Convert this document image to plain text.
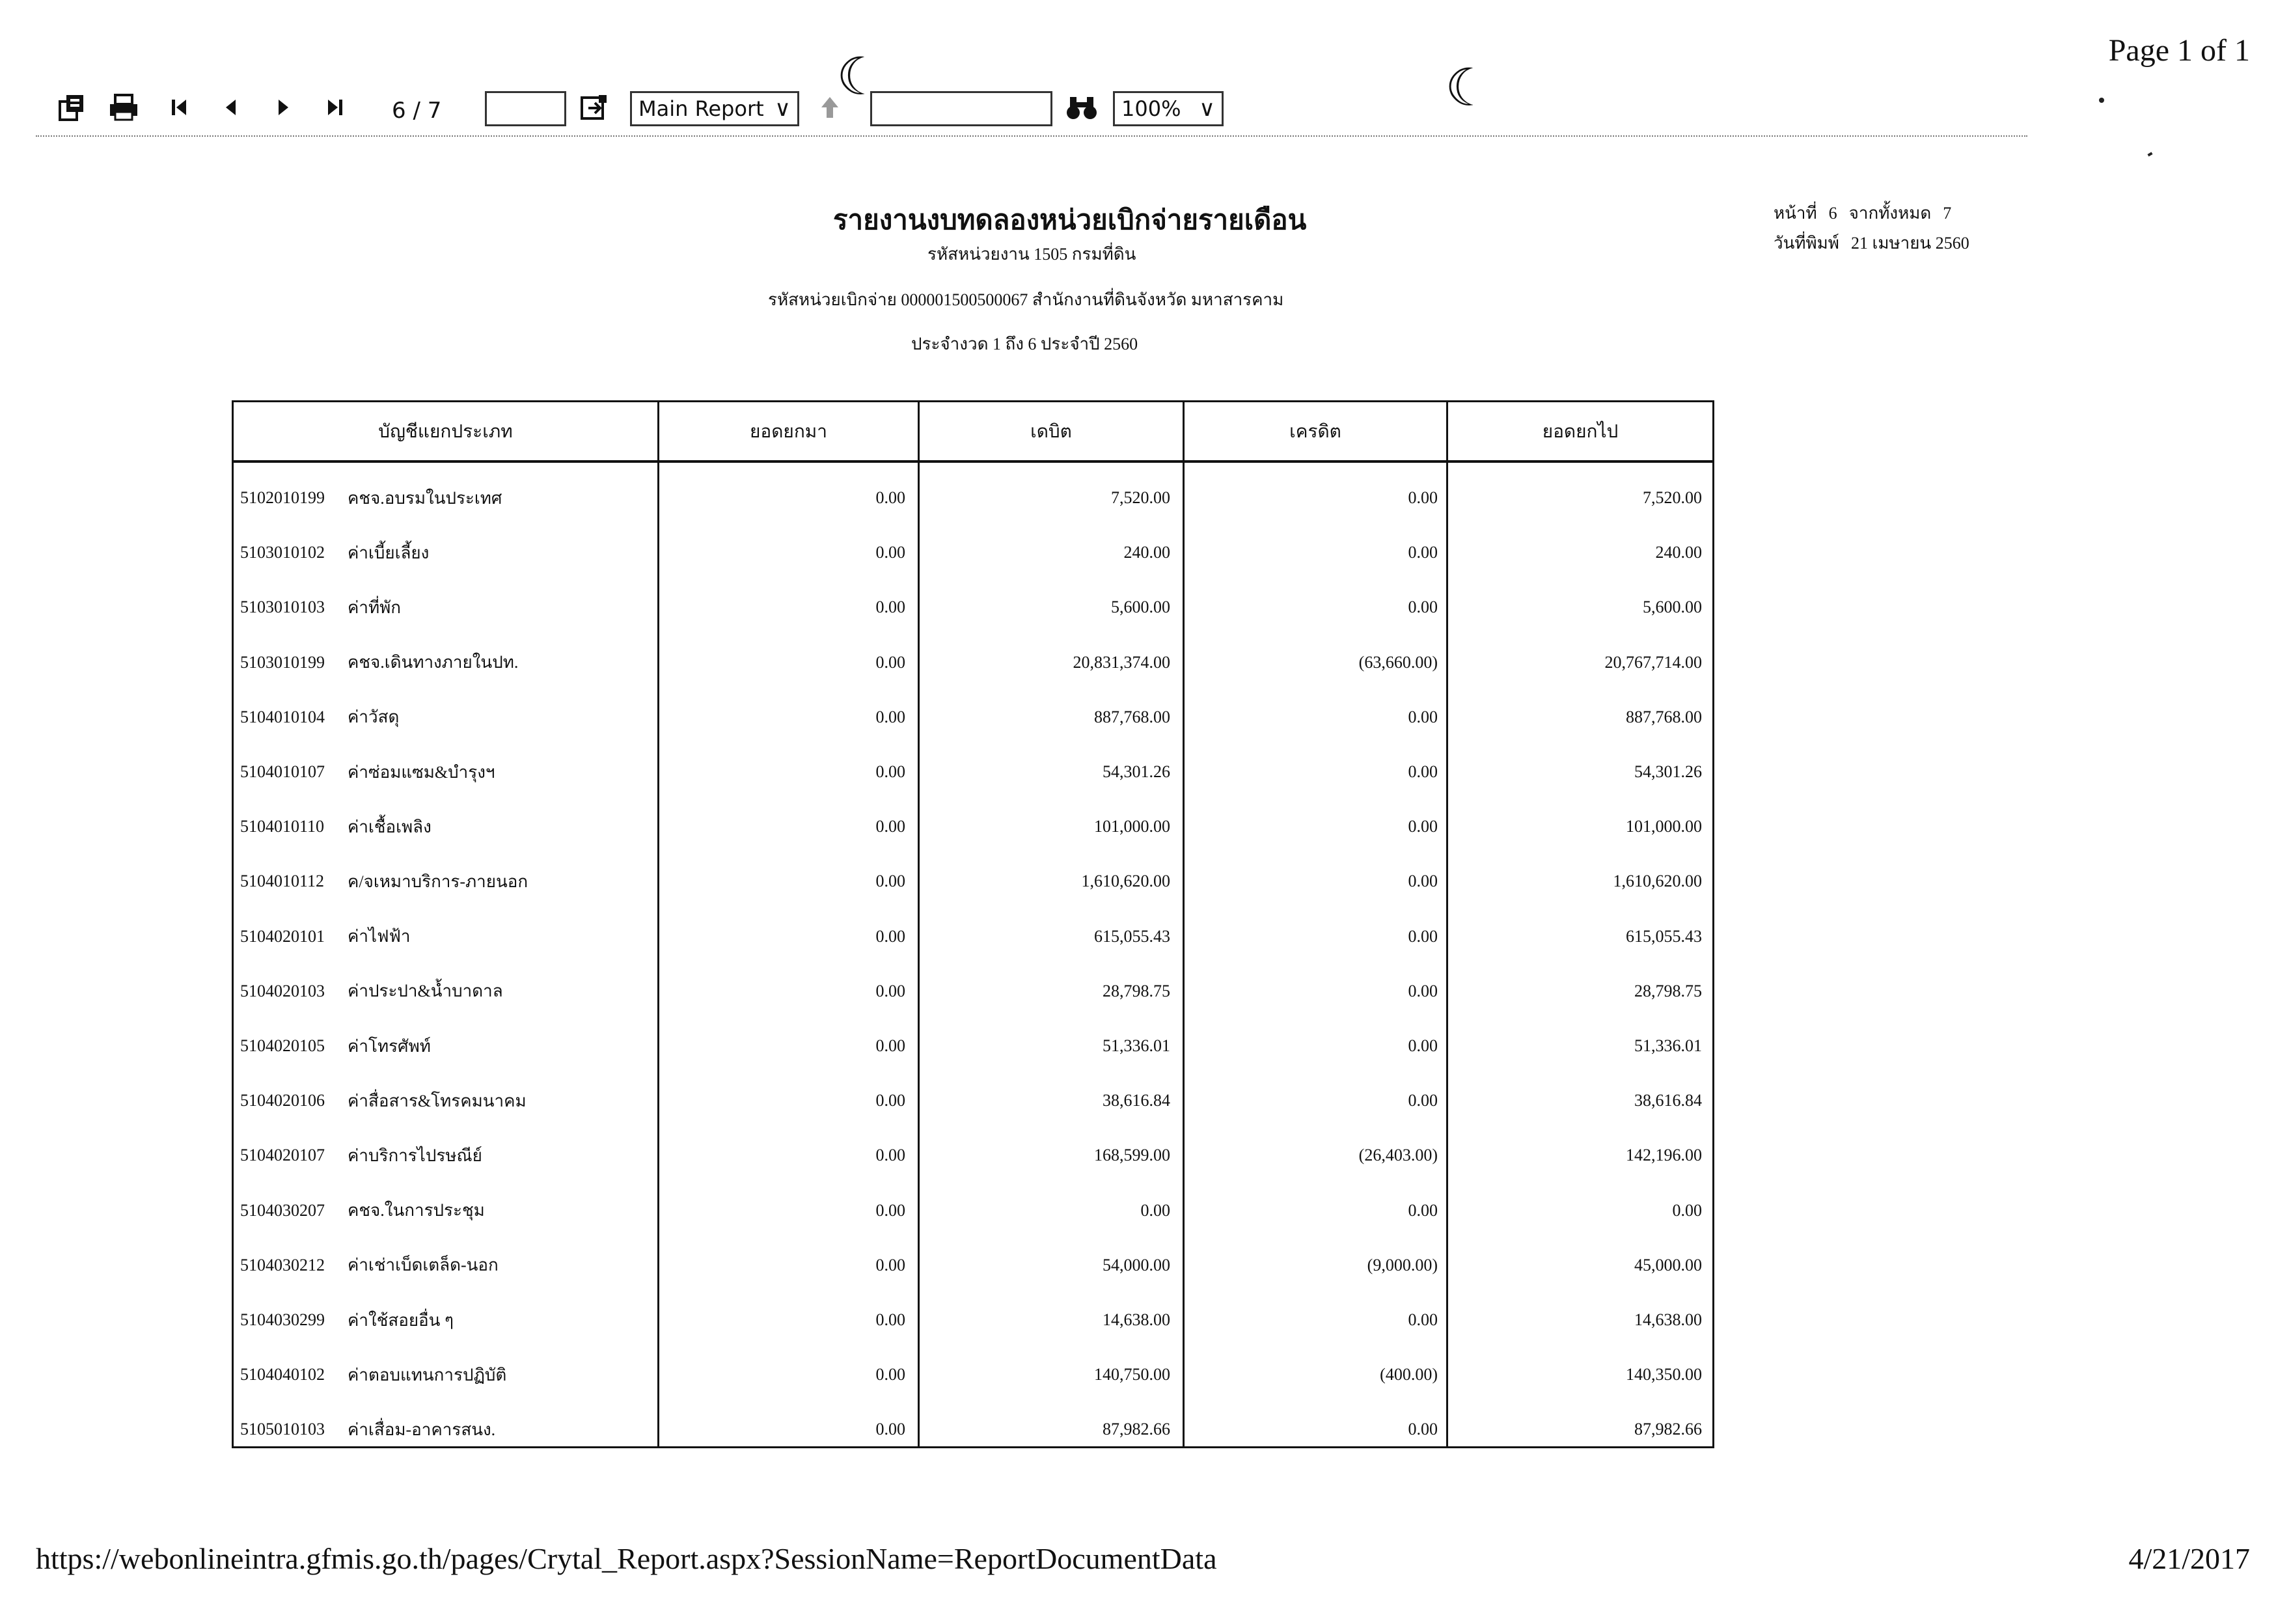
Page 1 of 1
6 / 7	Main Report ∨	100% ∨
☾	☾
รายงานงบทดลองหน่วยเบิกจ่ายรายเดือน
รหัสหน่วยงาน 1505 กรมที่ดิน
รหัสหน่วยเบิกจ่าย 000001500500067 สำนักงานที่ดินจังหวัด มหาสารคาม
ประจำงวด 1 ถึง 6 ประจำปี 2560
หน้าที่ 6 จากทั้งหมด 7
วันที่พิมพ์ 21 เมษายน 2560
บัญชีแยกประเภท	ยอดยกมา	เดบิต	เครดิต	ยอดยกไป
5102010199	คชจ.อบรมในประเทศ	0.00	7,520.00	0.00	7,520.00
5103010102	ค่าเบี้ยเลี้ยง	0.00	240.00	0.00	240.00
5103010103	ค่าที่พัก	0.00	5,600.00	0.00	5,600.00
5103010199	คชจ.เดินทางภายในปท.	0.00	20,831,374.00	(63,660.00)	20,767,714.00
5104010104	ค่าวัสดุ	0.00	887,768.00	0.00	887,768.00
5104010107	ค่าซ่อมแซม&บำรุงฯ	0.00	54,301.26	0.00	54,301.26
5104010110	ค่าเชื้อเพลิง	0.00	101,000.00	0.00	101,000.00
5104010112	ค/จเหมาบริการ-ภายนอก	0.00	1,610,620.00	0.00	1,610,620.00
5104020101	ค่าไฟฟ้า	0.00	615,055.43	0.00	615,055.43
5104020103	ค่าประปา&น้ำบาดาล	0.00	28,798.75	0.00	28,798.75
5104020105	ค่าโทรศัพท์	0.00	51,336.01	0.00	51,336.01
5104020106	ค่าสื่อสาร&โทรคมนาคม	0.00	38,616.84	0.00	38,616.84
5104020107	ค่าบริการไปรษณีย์	0.00	168,599.00	(26,403.00)	142,196.00
5104030207	คชจ.ในการประชุม	0.00	0.00	0.00	0.00
5104030212	ค่าเช่าเบ็ดเตล็ด-นอก	0.00	54,000.00	(9,000.00)	45,000.00
5104030299	ค่าใช้สอยอื่น ๆ	0.00	14,638.00	0.00	14,638.00
5104040102	ค่าตอบแทนการปฏิบัติ	0.00	140,750.00	(400.00)	140,350.00
5105010103	ค่าเสื่อม-อาคารสนง.	0.00	87,982.66	0.00	87,982.66
https://webonlineintra.gfmis.go.th/pages/Crytal_Report.aspx?SessionName=ReportDocumentData	4/21/2017
